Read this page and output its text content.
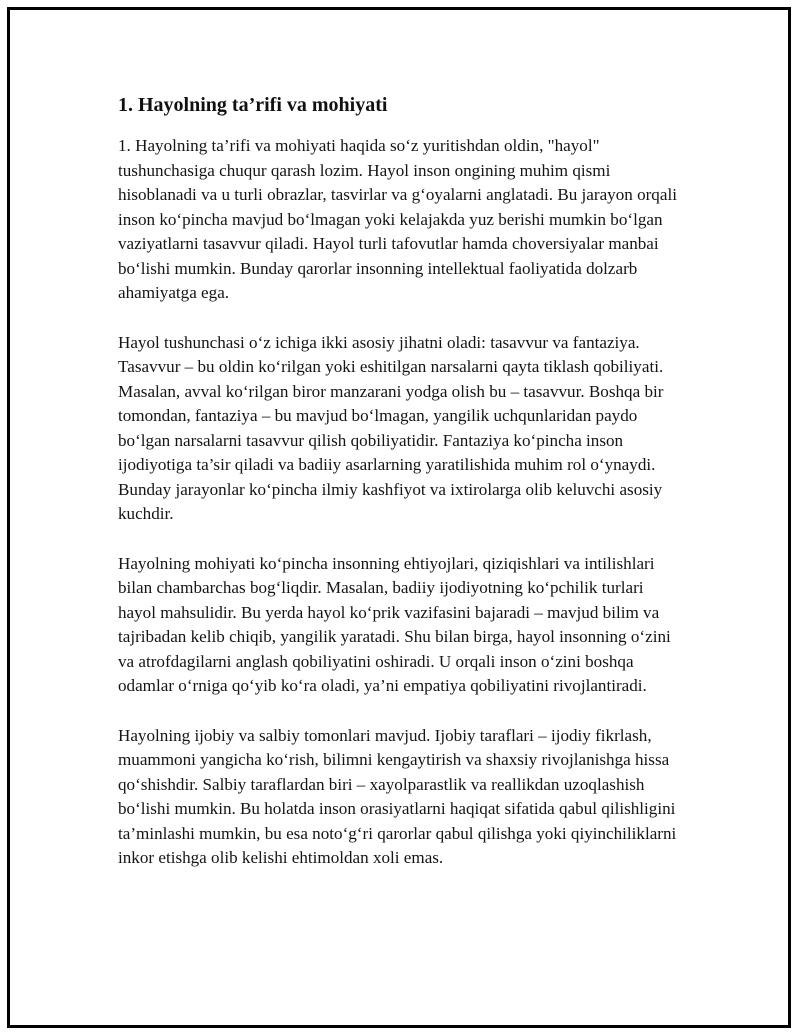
1. Hayolning ta’rifi va mohiyati

1. Hayolning ta’rifi va mohiyati haqida so‘z yuritishdan oldin, "hayol" tushunchasiga chuqur qarash lozim. Hayol inson ongining muhim qismi hisoblanadi va u turli obrazlar, tasvirlar va g‘oyalarni anglatadi. Bu jarayon orqali inson ko‘pincha mavjud bo‘lmagan yoki kelajakda yuz berishi mumkin bo‘lgan vaziyatlarni tasavvur qiladi. Hayol turli tafovutlar hamda choversiyalar manbai bo‘lishi mumkin. Bunday qarorlar insonning intellektual faoliyatida dolzarb ahamiyatga ega.

Hayol tushunchasi o‘z ichiga ikki asosiy jihatni oladi: tasavvur va fantaziya. Tasavvur – bu oldin ko‘rilgan yoki eshitilgan narsalarni qayta tiklash qobiliyati. Masalan, avval ko‘rilgan biror manzarani yodga olish bu – tasavvur. Boshqa bir tomondan, fantaziya – bu mavjud bo‘lmagan, yangilik uchqunlaridan paydo bo‘lgan narsalarni tasavvur qilish qobiliyatidir. Fantaziya ko‘pincha inson ijodiyotiga ta’sir qiladi va badiiy asarlarning yaratilishida muhim rol o‘ynaydi. Bunday jarayonlar ko‘pincha ilmiy kashfiyot va ixtirolarga olib keluvchi asosiy kuchdir.

Hayolning mohiyati ko‘pincha insonning ehtiyojlari, qiziqishlari va intilishlari bilan chambarchas bog‘liqdir. Masalan, badiiy ijodiyotning ko‘pchilik turlari hayol mahsulidir. Bu yerda hayol ko‘prik vazifasini bajaradi – mavjud bilim va tajribadan kelib chiqib, yangilik yaratadi. Shu bilan birga, hayol insonning o‘zini va atrofdagilarni anglash qobiliyatini oshiradi. U orqali inson o‘zini boshqa odamlar o‘rniga qo‘yib ko‘ra oladi, ya’ni empatiya qobiliyatini rivojlantiradi.

Hayolning ijobiy va salbiy tomonlari mavjud. Ijobiy taraflari – ijodiy fikrlash, muammoni yangicha ko‘rish, bilimni kengaytirish va shaxsiy rivojlanishga hissa qo‘shishdir. Salbiy taraflardan biri – xayolparastlik va reallikdan uzoqlashish bo‘lishi mumkin. Bu holatda inson orasiyatlarni haqiqat sifatida qabul qilishligini ta’minlashi mumkin, bu esa noto‘g‘ri qarorlar qabul qilishga yoki qiyinchiliklarni inkor etishga olib kelishi ehtimoldan xoli emas.
